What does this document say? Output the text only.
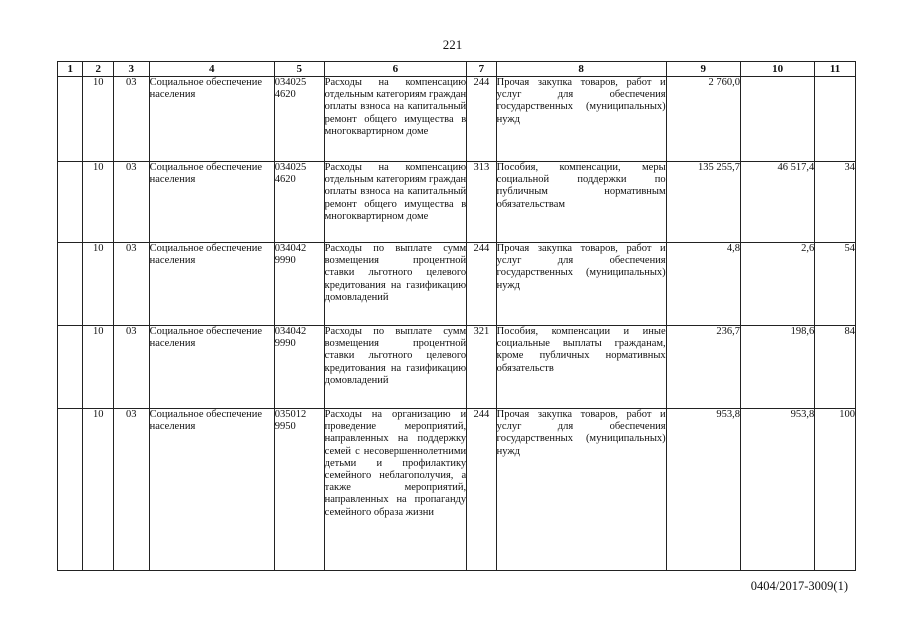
221
1	2	3	4	5	6	7	8	9	10	11
	10	03	Социальное обеспечение населения	034025 4620	Расходы на компенсацию отдельным категориям граждан оплаты взноса на капитальный ремонт общего имущества в многоквартирном доме	244	Прочая закупка товаров, работ и услуг для обеспечения государственных (муниципальных) нужд	2 760,0		
	10	03	Социальное обеспечение населения	034025 4620	Расходы на компенсацию отдельным категориям граждан оплаты взноса на капитальный ремонт общего имущества в многоквартирном доме	313	Пособия, компенсации, меры социальной поддержки по публичным нормативным обязательствам	135 255,7	46 517,4	34
	10	03	Социальное обеспечение населения	034042 9990	Расходы по выплате сумм возмещения процентной ставки льготного целевого кредитования на газификацию домовладений	244	Прочая закупка товаров, работ и услуг для обеспечения государственных (муниципальных) нужд	4,8	2,6	54
	10	03	Социальное обеспечение населения	034042 9990	Расходы по выплате сумм возмещения процентной ставки льготного целевого кредитования на газификацию домовладений	321	Пособия, компенсации и иные социальные выплаты гражданам, кроме публичных нормативных обязательств	236,7	198,6	84
	10	03	Социальное обеспечение населения	035012 9950	Расходы на организацию и проведение мероприятий, направленных на поддержку семей с несовершеннолетними детьми и профилактику семейного неблагополучия, а также мероприятий, направленных на пропаганду семейного образа жизни	244	Прочая закупка товаров, работ и услуг для обеспечения государственных (муниципальных) нужд	953,8	953,8	100
0404/2017-3009(1)
